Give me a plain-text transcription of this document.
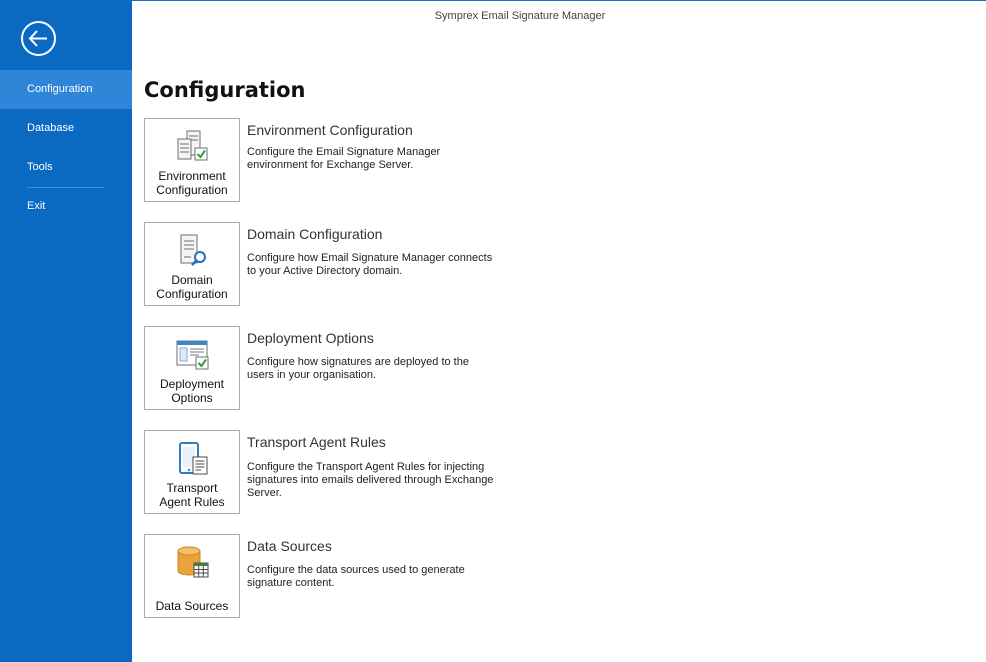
Configuration
Database
Tools
Exit
Symprex Email Signature Manager
Configuration
Environment
Configuration
Environment Configuration
Configure the Email Signature Manager environment for Exchange Server.
Domain
Configuration
Domain Configuration
Configure how Email Signature Manager connects to your Active Directory domain.
Deployment
Options
Deployment Options
Configure how signatures are deployed to the users in your organisation.
Transport
Agent Rules
Transport Agent Rules
Configure the Transport Agent Rules for injecting signatures into emails delivered through Exchange Server.
Data Sources
Data Sources
Configure the data sources used to generate signature content.
